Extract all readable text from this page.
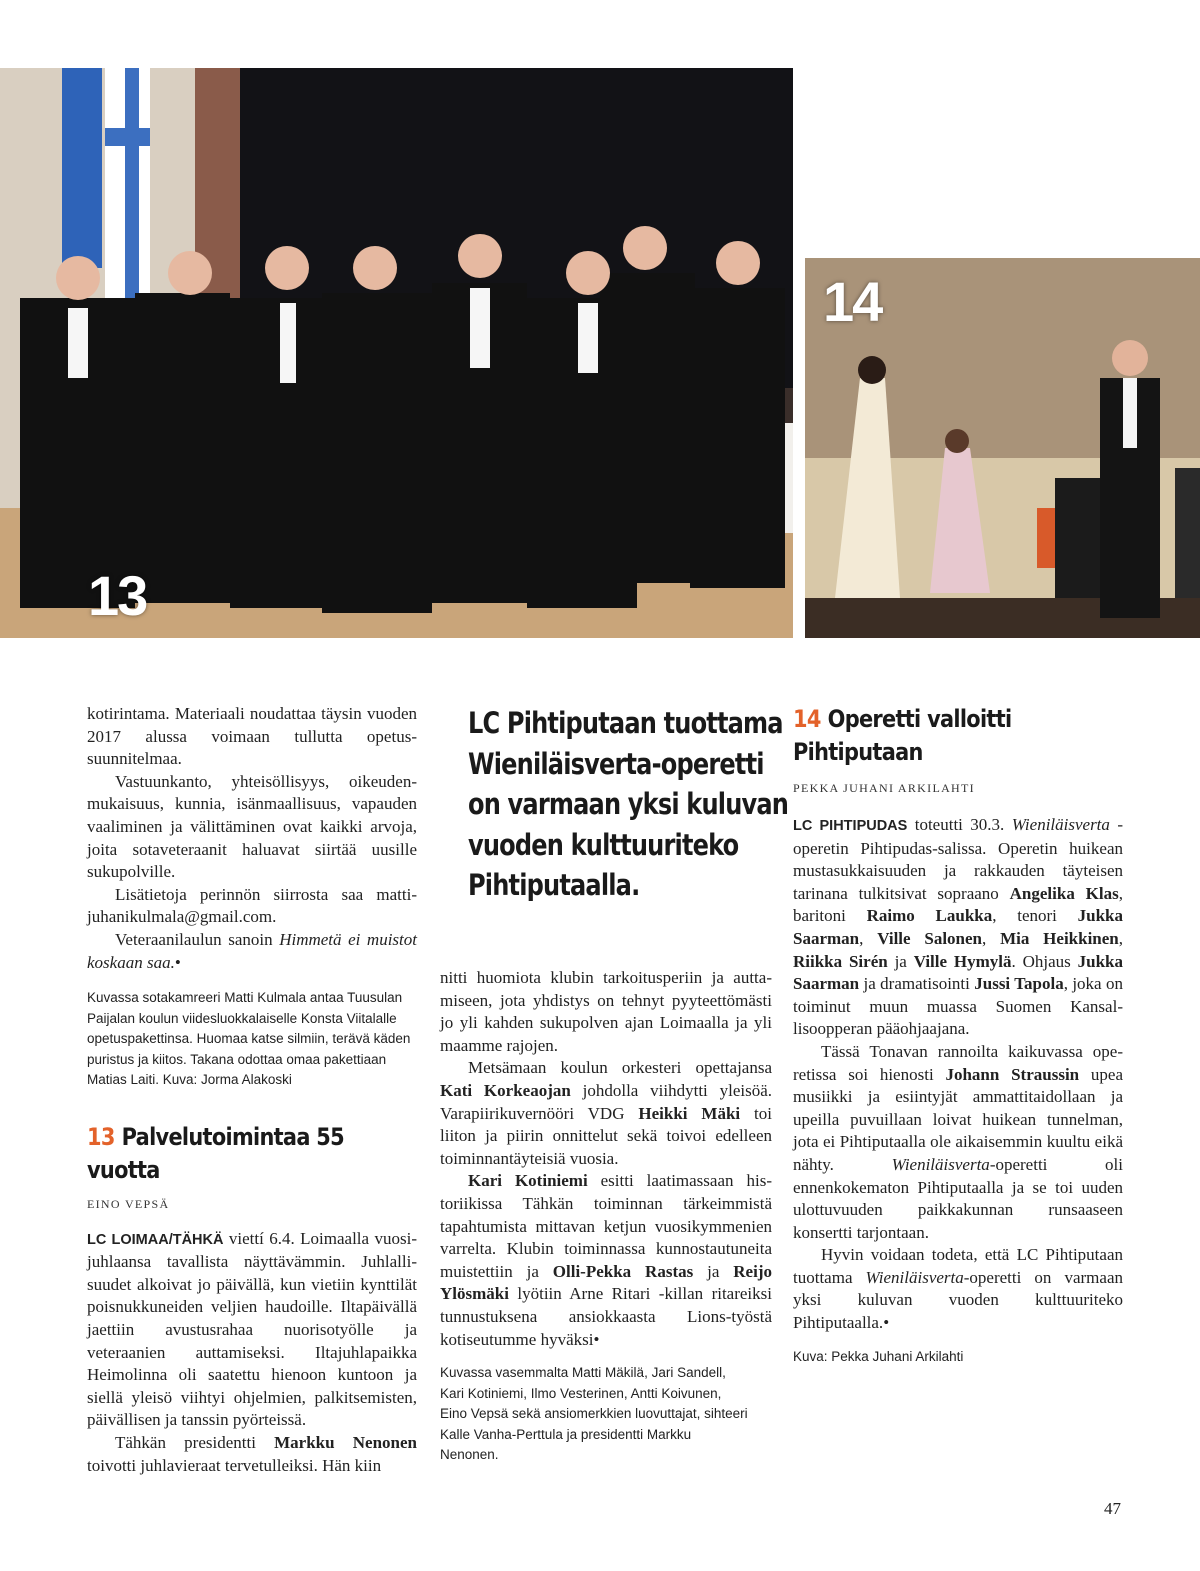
13
14

kotirintama. Materiaali noudattaa täysin vuoden 2017 alussa voimaan tullutta opetussuunnitelmaa.

Vastuunkanto, yhteisöllisyys, oikeudenmukaisuus, kunnia, isänmaallisuus, vapauden vaaliminen ja välittäminen ovat kaikki arvoja, joita sotaveteraanit haluavat siirtää uusille sukupolville.

Lisätietoja perinnön siirrosta saa mattijuhanikulmala@gmail.com.

Veteraanilaulun sanoin Himmetä ei muistot koskaan saa.•

Kuvassa sotakamreeri Matti Kulmala antaa Tuusulan Paijalan koulun viidesluokkalaiselle Konsta Viitalalle opetuspakettinsa. Huomaa katse silmiin, terävä käden puristus ja kiitos. Takana odottaa omaa pakettiaan Matias Laiti. Kuva: Jorma Alakoski

13 Palvelutoimintaa 55 vuotta
EINO VEPSÄ

LC LOIMAA/TÄHKÄ viettí 6.4. Loimaalla vuosijuhlaansa tavallista näyttävämmin. Juhlallisuudet alkoivat jo päivällä, kun vietiin kynttilät poisnukkuneiden veljien haudoille. Iltapäivällä jaettiin avustusrahaa nuorisotyölle ja veteraanien auttamiseksi. Iltajuhlapaikka Heimolinna oli saatettu hienoon kuntoon ja siellä yleisö viihtyi ohjelmien, palkitsemisten, päivällisen ja tanssin pyörteissä.

Tähkän presidentti Markku Nenonen toivotti juhlavieraat tervetulleiksi. Hän kiin

LC Pihtiputaan tuottama Wieniläisverta-operetti on varmaan yksi kuluvan vuoden kulttuuriteko Pihtiputaalla.

nitti huomiota klubin tarkoitusperiin ja auttamiseen, jota yhdistys on tehnyt pyyteettömästi jo yli kahden sukupolven ajan Loimaalla ja yli maamme rajojen.

Metsämaan koulun orkesteri opettajansa Kati Korkeaojan johdolla viihdytti yleisöä. Varapiirikuvernööri VDG Heikki Mäki toi liiton ja piirin onnittelut sekä toivoi edelleen toiminnantäyteisiä vuosia.

Kari Kotiniemi esitti laatimassaan historiikissa Tähkän toiminnan tärkeimmistä tapahtumista mittavan ketjun vuosikymmenien varrelta. Klubin toiminnassa kunnostautuneita muistettiin ja Olli-Pekka Rastas ja Reijo Ylösmäki lyötiin Arne Ritari -killan ritareiksi tunnustuksena ansiokkaasta Lions-työstä kotiseutumme hyväksi•

Kuvassa vasemmalta Matti Mäkilä, Jari Sandell, Kari Kotiniemi, Ilmo Vesterinen, Antti Koivunen, Eino Vepsä sekä ansiomerkkien luovuttajat, sihteeri Kalle Vanha-Perttula ja presidentti Markku Nenonen.

14 Operetti valloitti Pihtiputaan
PEKKA JUHANI ARKILAHTI

LC PIHTIPUDAS toteutti 30.3. Wieniläisverta -operetin Pihtipudas-salissa. Operetin huikean mustasukkaisuuden ja rakkauden täyteisen tarinana tulkitsivat sopraano Angelika Klas, baritoni Raimo Laukka, tenori Jukka Saarman, Ville Salonen, Mia Heikkinen, Riikka Sirén ja Ville Hymylä. Ohjaus Jukka Saarman ja dramatisointi Jussi Tapola, joka on toiminut muun muassa Suomen Kansallisoopperan pääohjaajana.

Tässä Tonavan rannoilta kaikuvassa operetissa soi hienosti Johann Straussin upea musiikki ja esiintyjät ammattitaidollaan ja upeilla puvuillaan loivat huikean tunnelman, jota ei Pihtiputaalla ole aikaisemmin kuultu eikä nähty. Wieniläisverta-operetti oli ennenkokematon Pihtiputaalla ja se toi uuden ulottuvuuden paikkakunnan runsaaseen konsertti tarjontaan.

Hyvin voidaan todeta, että LC Pihtiputaan tuottama Wieniläisverta-operetti on varmaan yksi kuluvan vuoden kulttuuriteko Pihtiputaalla.•

Kuva: Pekka Juhani Arkilahti

47
